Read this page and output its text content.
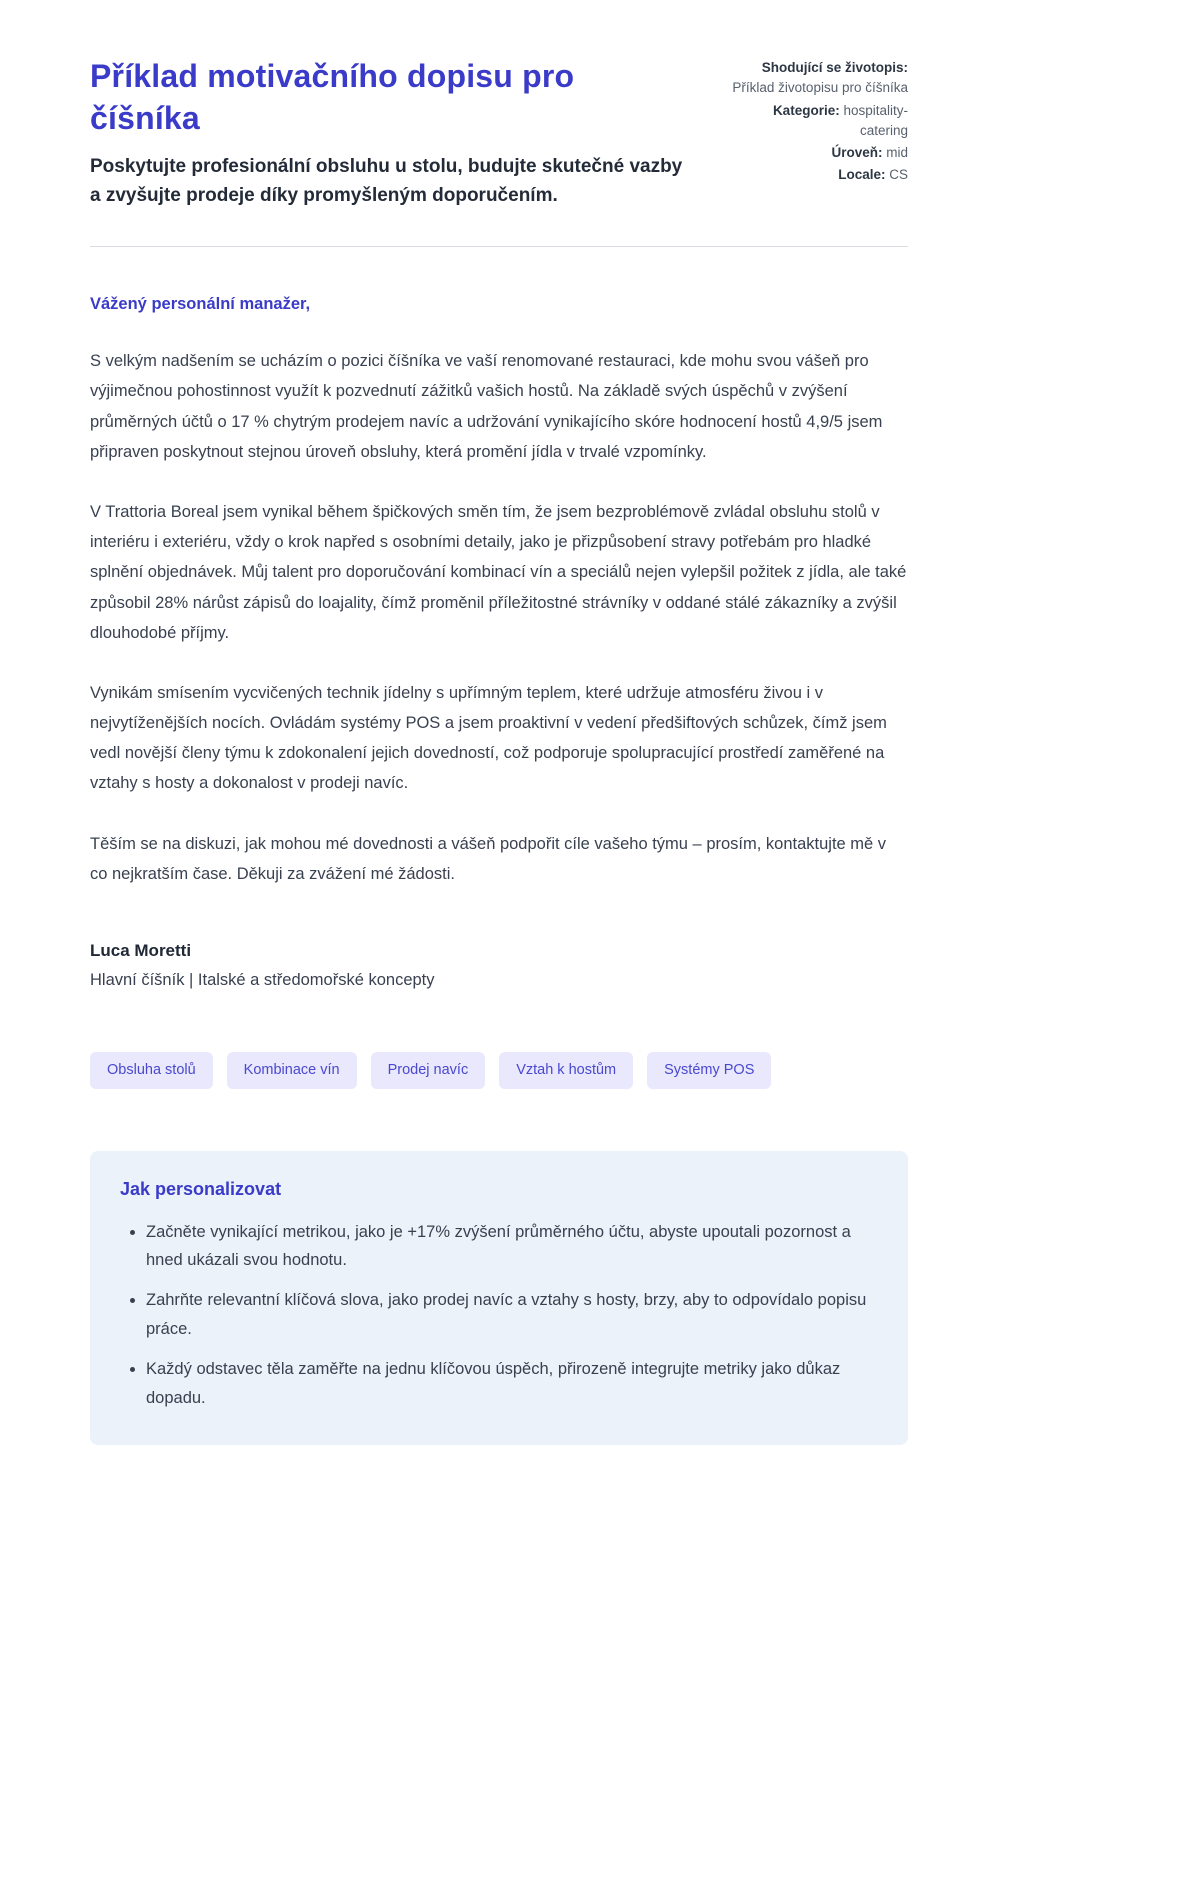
Příklad motivačního dopisu pro číšníka

Poskytujte profesionální obsluhu u stolu, budujte skutečné vazby a zvyšujte prodeje díky promyšleným doporučením.

Shodující se životopis: Příklad životopisu pro číšníka
Kategorie: hospitality-catering
Úroveň: mid
Locale: CS

Vážený personální manažer,

S velkým nadšením se ucházím o pozici číšníka ve vaší renomované restauraci, kde mohu svou vášeň pro výjimečnou pohostinnost využít k pozvednutí zážitků vašich hostů. Na základě svých úspěchů v zvýšení průměrných účtů o 17 % chytrým prodejem navíc a udržování vynikajícího skóre hodnocení hostů 4,9/5 jsem připraven poskytnout stejnou úroveň obsluhy, která promění jídla v trvalé vzpomínky.

V Trattoria Boreal jsem vynikal během špičkových směn tím, že jsem bezproblémově zvládal obsluhu stolů v interiéru i exteriéru, vždy o krok napřed s osobními detaily, jako je přizpůsobení stravy potřebám pro hladké splnění objednávek. Můj talent pro doporučování kombinací vín a speciálů nejen vylepšil požitek z jídla, ale také způsobil 28% nárůst zápisů do loajality, čímž proměnil příležitostné strávníky v oddané stálé zákazníky a zvýšil dlouhodobé příjmy.

Vynikám smísením vycvičených technik jídelny s upřímným teplem, které udržuje atmosféru živou i v nejvytíženějších nocích. Ovládám systémy POS a jsem proaktivní v vedení předšiftových schůzek, čímž jsem vedl novější členy týmu k zdokonalení jejich dovedností, což podporuje spolupracující prostředí zaměřené na vztahy s hosty a dokonalost v prodeji navíc.

Těším se na diskuzi, jak mohou mé dovednosti a vášeň podpořit cíle vašeho týmu – prosím, kontaktujte mě v co nejkratším čase. Děkuji za zvážení mé žádosti.

Luca Moretti

Hlavní číšník | Italské a středomořské koncepty

Obsluha stolů	Kombinace vín	Prodej navíc	Vztah k hostům	Systémy POS
Jak personalizovat
• Začněte vynikající metrikou, jako je +17% zvýšení průměrného účtu, abyste upoutali pozornost a hned ukázali svou hodnotu.
• Zahrňte relevantní klíčová slova, jako prodej navíc a vztahy s hosty, brzy, aby to odpovídalo popisu práce.
• Každý odstavec těla zaměřte na jednu klíčovou úspěch, přirozeně integrujte metriky jako důkaz dopadu.
